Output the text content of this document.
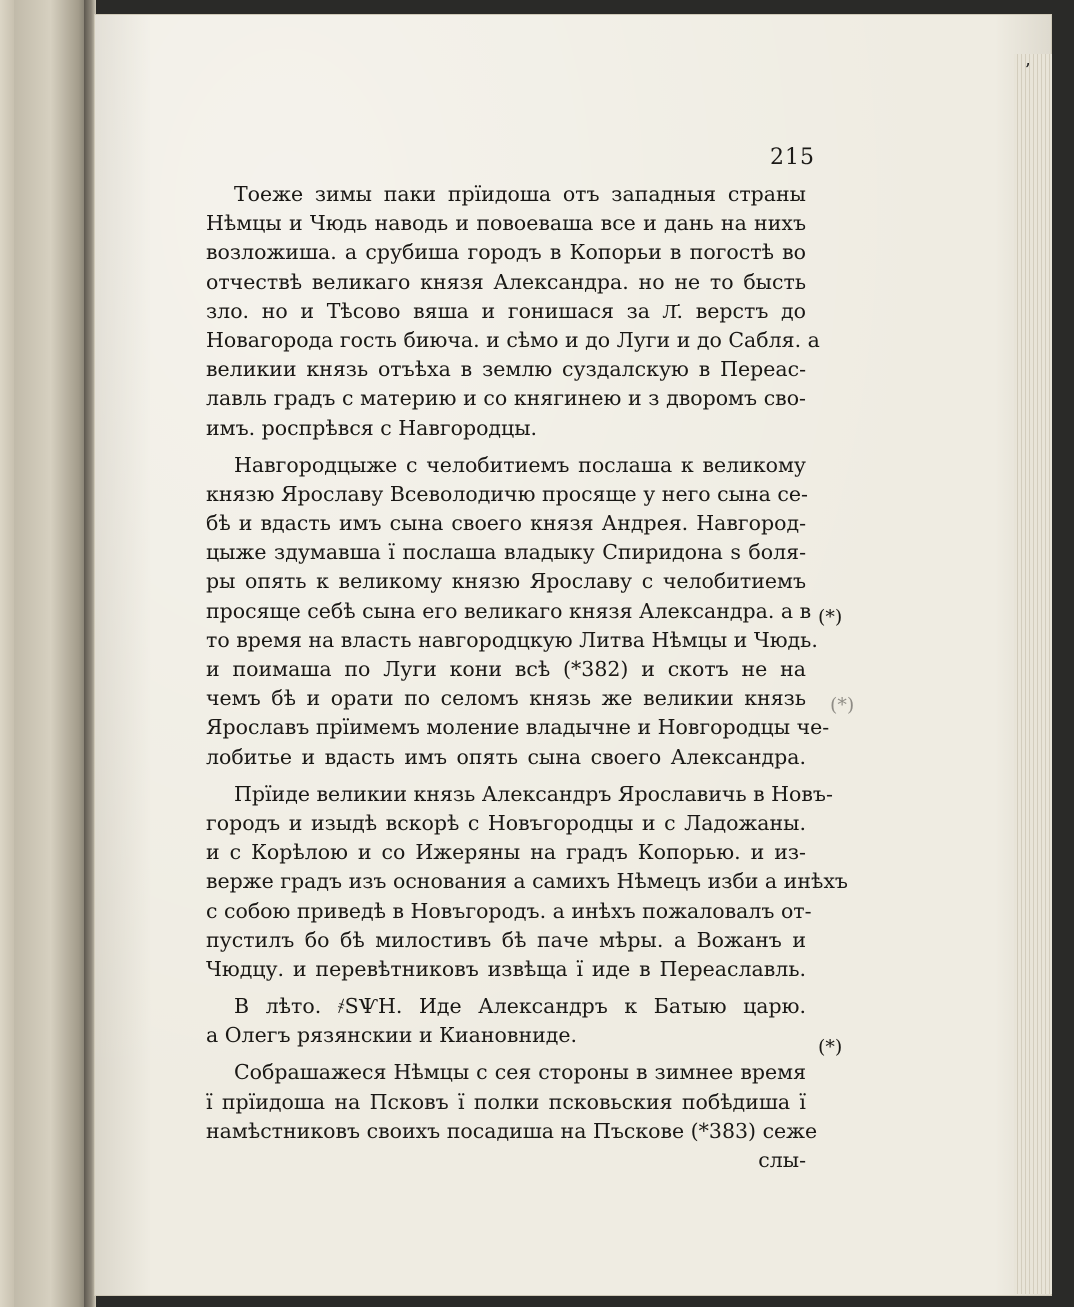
ʼ
215
Тоеже зимы паки прїидоша отъ западныя страны
Нѣмцы и Чюдь наводь и повоеваша все и дань на нихъ
возложиша. а срубиша городъ в Копорьи в погостѣ во
отчествѣ великаго князя Александра. но не то бысть
зло. но и Тѣсово вяша и гонишася за Л҃. верстъ до
Новагорода гость биюча. и сѣмо и до Луги и до Сабля. а
великии князь отъѣха в землю суздалскую в Переас-
лавль градъ с материю и со княгинею и з дворомъ сво-
имъ. роспрѣвся с Навгородцы.
Навгородцыже с челобитиемъ послаша к великому
князю Ярославу Всеволодичю просяще у него сына се-
бѣ и вдасть имъ сына своего князя Андрея. Навгород-
цыже здумавша ї послаша владыку Спиридона ѕ боля-
ры опять к великому князю Ярославу с челобитиемъ
просяще себѣ сына его великаго князя Александра. а в
то время на власть навгородцкую Литва Нѣмцы и Чюдь.
и поимаша по Луги кони всѣ (*382) и скотъ не на
чемъ бѣ и орати по селомъ князь же великии князь
Ярославъ прїимемъ моление владычне и Новгородцы че-
лобитье и вдасть имъ опять сына своего Александра.
Прїиде великии князь Александръ Ярославичь в Новъ-
городъ и изыдѣ вскорѣ с Новъгородцы и с Ладожаны.
и с Корѣлою и со Ижеряны на градъ Копорью. и из-
верже градъ изъ основания а самихъ Нѣмецъ изби а инѣхъ
с собою приведѣ в Новъгородъ. а инѣхъ пожаловалъ от-
пустилъ бо бѣ милостивъ бѣ паче мѣры. а Вожанъ и
Чюдцу. и перевѣтниковъ извѣща ї иде в Переаславль.
В лѣто. ҂ЅѰН. Иде Александръ к Батыю царю.
а Олегъ рязянскии и Киановниде.
Собрашажеся Нѣмцы с сея стороны в зимнее время
ї прїидоша на Псковъ ї полки псковьския побѣдиша ї
намѣстниковъ своихъ посадиша на Пъскове (*383) сеже
слы-
(*)
(*)
(*)
